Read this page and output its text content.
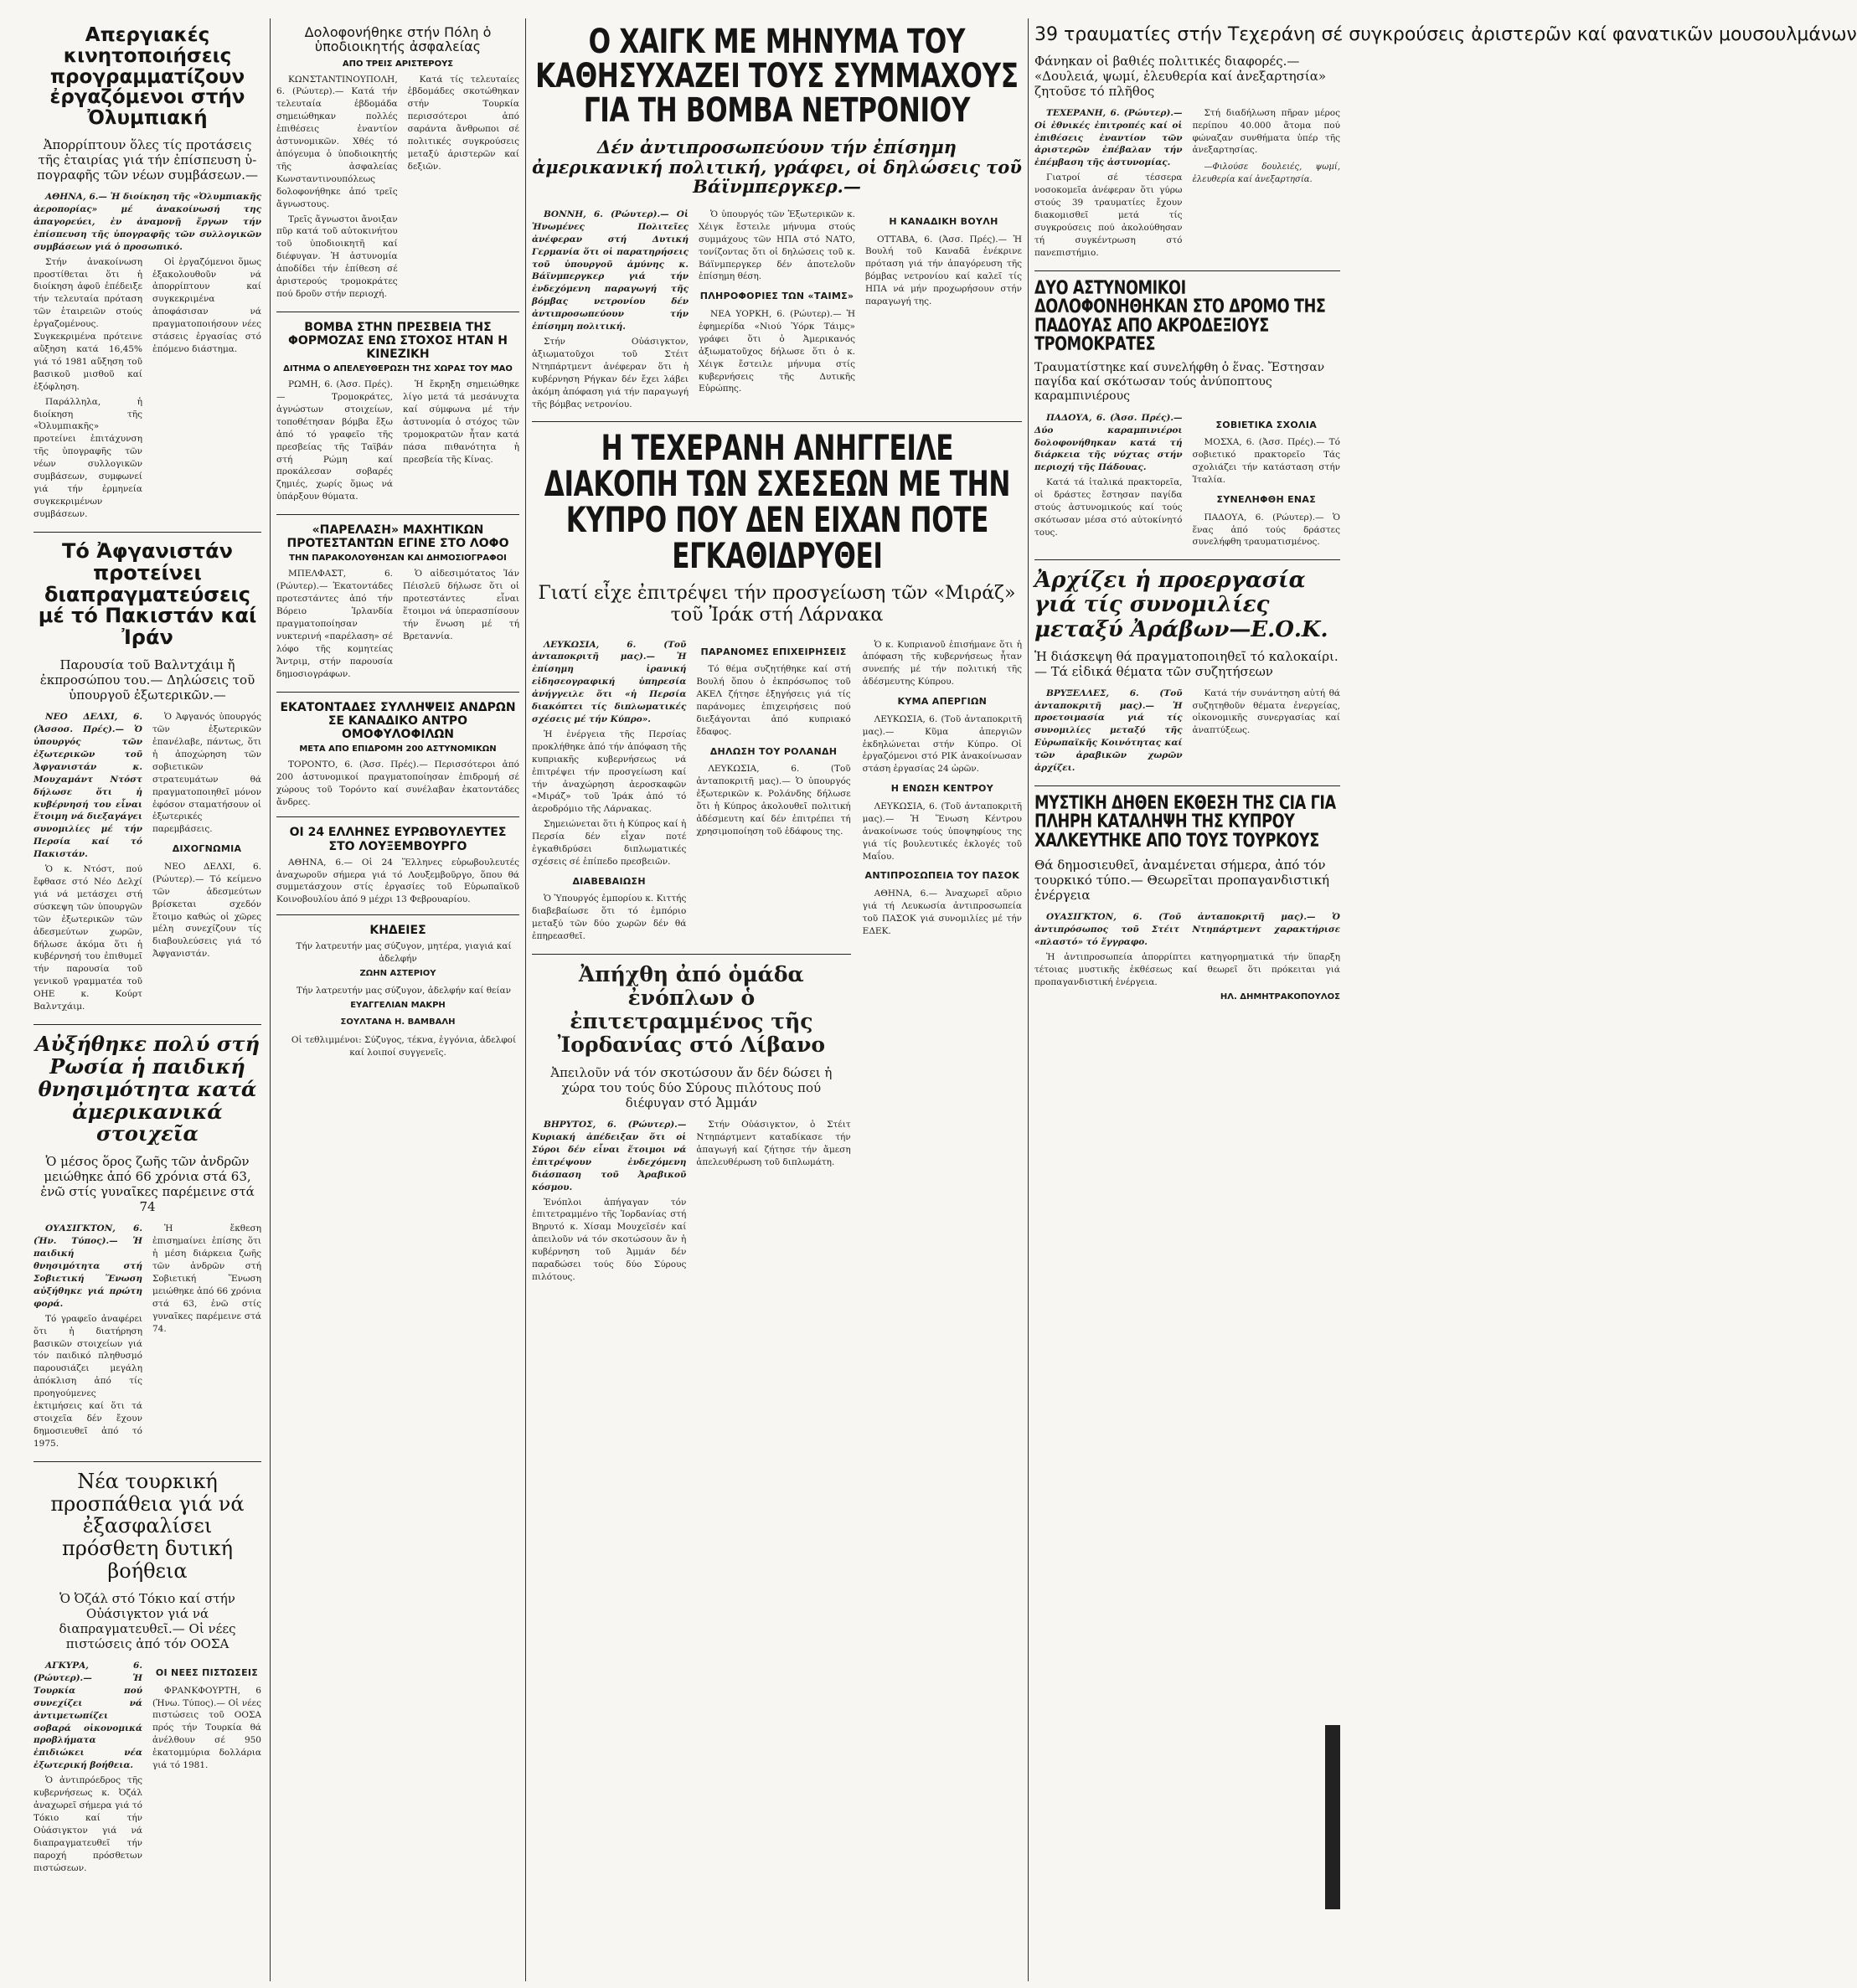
Απεργιακές κινητοποιήσεις προγραμματίζουν ἐργαζόμενοι στήν Ὀλυμπιακή
Ἀπορρίπτουν ὅλες τίς προτάσεις τῆς ἑταιρίας γιά τήν ἐπίσπευση ὑ-πογραφῆς τῶν νέων συμβάσεων.—

ΑΘΗΝΑ, 6.— Ἡ διοίκηση τῆς «Ὀλυμπιακῆς ἀεροπορίας» μέ ἀνακοίνωσή της ἀπαγορεύει, ἐν ἀναμονῇ ἔργων τήν ἐπίσπευση τῆς ὑπογραφῆς τῶν συλλογικῶν συμβάσεων γιά ὁ προσωπικό.

Στήν ἀνακοίνωση προστίθεται ὅτι ἡ διοίκηση ἀφοῦ ἐπέδειξε τήν τελευταία πρόταση τῶν ἑταιρειῶν στούς ἐργαζομένους. Συγκεκριμένα πρότεινε αὔξηση κατά 16,45% γιά τό 1981 αὔξηση τοῦ βασικοῦ μισθοῦ καί ἐξόφληση.

Παράλληλα, ἡ διοίκηση τῆς «Ὀλυμπιακῆς» προτείνει ἐπιτάχυνση τῆς ὑπογραφῆς τῶν νέων συλλογικῶν συμβάσεων, συμφωνεί γιά τήν ἐρμηνεία συγκεκριμένων συμβάσεων.

Οἱ ἐργαζόμενοι ὅμως ἐξακολουθοῦν νά ἀπορρίπτουν καί συγκεκριμένα ἀποφάσισαν νά πραγματοποιήσουν νέες στάσεις ἐργασίας στό ἑπόμενο διάστημα.

Τό Ἀφγανιστάν προτείνει διαπραγματεύσεις μέ τό Πακιστάν καί Ἰράν
Παρουσία τοῦ Βαλντχάιμ ἤ ἐκπροσώπου του.— Δηλώσεις τοῦ ὑπουργοῦ ἐξωτερικῶν.—

ΝΕΟ ΔΕΛΧΙ, 6. (Ἀσσοσ. Πρές).— Ὁ ὑπουργός τῶν ἐξωτερικῶν τοῦ Ἀφγανιστάν κ. Μουχαμάντ Ντόστ δήλωσε ὅτι ἡ κυβέρνησή του εἶναι ἕτοιμη νά διεξαγάγει συνομιλίες μέ τήν Περσία καί τό Πακιστάν.

Ὁ κ. Ντόστ, πού ἔφθασε στό Νέο Δελχί γιά νά μετάσχει στή σύσκεψη τῶν ὑπουργῶν τῶν ἐξωτερικῶν τῶν ἀδεσμεύτων χωρῶν, δήλωσε ἀκόμα ὅτι ἡ κυβέρνησή του ἐπιθυμεῖ τήν παρουσία τοῦ γενικοῦ γραμματέα τοῦ ΟΗΕ κ. Κούρτ Βαλντχάιμ.

Ὁ Ἀφγανός ὑπουργός τῶν ἐξωτερικῶν ἐπανέλαβε, πάντως, ὅτι ἡ ἀποχώρηση τῶν σοβιετικῶν στρατευμάτων θά πραγματοποιηθεῖ μόνον ἐφόσον σταματήσουν οἱ ἐξωτερικές παρεμβάσεις.

ΔΙΧΟΓΝΩΜΙΑ

ΝΕΟ ΔΕΛΧΙ, 6. (Ρώυτερ).— Τό κείμενο τῶν ἀδεσμεύτων βρίσκεται σχεδόν ἕτοιμο καθώς οἱ χῶρες μέλη συνεχίζουν τίς διαβουλεύσεις γιά τό Ἀφγανιστάν.

Αὐξήθηκε πολύ στή Ρωσία ἡ παιδική θνησιμότητα κατά ἀμερικανικά στοιχεῖα
Ὁ μέσος ὅρος ζωῆς τῶν ἀνδρῶν μειώθηκε ἀπό 66 χρόνια στά 63, ἐνῶ στίς γυναῖκες παρέμεινε στά 74

ΟΥΑΣΙΓΚΤΟΝ, 6. (Ἡν. Τύπος).— Ἡ παιδική θνησιμότητα στή Σοβιετική Ἕνωση αὐξήθηκε γιά πρώτη φορά.

Τό γραφεῖο ἀναφέρει ὅτι ἡ διατήρηση βασικῶν στοιχείων γιά τόν παιδικό πληθυσμό παρουσιάζει μεγάλη ἀπόκλιση ἀπό τίς προηγούμενες ἐκτιμήσεις καί ὅτι τά στοιχεῖα δέν ἔχουν δημοσιευθεῖ ἀπό τό 1975.

Ἡ ἔκθεση ἐπισημαίνει ἐπίσης ὅτι ἡ μέση διάρκεια ζωῆς τῶν ἀνδρῶν στή Σοβιετική Ἕνωση μειώθηκε ἀπό 66 χρόνια στά 63, ἐνῶ στίς γυναῖκες παρέμεινε στά 74.

Νέα τουρκική προσπάθεια γιά νά ἐξασφαλίσει πρόσθετη δυτική βοήθεια
Ὁ Ὀζάλ στό Τόκιο καί στήν Οὐάσιγκτον γιά νά διαπραγματευθεῖ.— Οἱ νέες πιστώσεις ἀπό τόν ΟΟΣΑ

ΑΓΚΥΡΑ, 6. (Ρώυτερ).— Ἡ Τουρκία πού συνεχίζει νά ἀντιμετωπίζει σοβαρά οἰκονομικά προβλήματα ἐπιδιώκει νέα ἐξωτερική βοήθεια.

Ὁ ἀντιπρόεδρος τῆς κυβερνήσεως κ. Ὀζάλ ἀναχωρεῖ σήμερα γιά τό Τόκιο καί τήν Οὐάσιγκτον γιά νά διαπραγματευθεῖ τήν παροχή πρόσθετων πιστώσεων.

ΟΙ ΝΕΕΣ ΠΙΣΤΩΣΕΙΣ

ΦΡΑΝΚΦΟΥΡΤΗ, 6 (Ἡνω. Τύπος).— Οἱ νέες πιστώσεις τοῦ ΟΟΣΑ πρός τήν Τουρκία θά ἀνέλθουν σέ 950 ἑκατομμύρια δολλάρια γιά τό 1981.

Δολοφονήθηκε στήν Πόλη ὁ ὑποδιοικητής ἀσφαλείας
ΑΠΟ ΤΡΕΙΣ ΑΡΙΣΤΕΡΟΥΣ

ΚΩΝΣΤΑΝΤΙΝΟΥΠΟΛΗ, 6. (Ρώυτερ).— Κατά τήν τελευταία ἐβδομάδα σημειώθηκαν πολλές ἐπιθέσεις ἐναντίον ἀστυνομικῶν. Χθές τό ἀπόγευμα ὁ ὑποδιοικητής τῆς ἀσφαλείας Κωνσταντινουπόλεως δολοφονήθηκε ἀπό τρεῖς ἄγνωστους.

Τρεῖς ἄγνωστοι ἄνοιξαν πῦρ κατά τοῦ αὐτοκινήτου τοῦ ὑποδιοικητῆ καί διέφυγαν. Ἡ ἀστυνομία ἀποδίδει τήν ἐπίθεση σέ ἀριστερούς τρομοκράτες πού δροῦν στήν περιοχή.

Κατά τίς τελευταίες ἑβδομάδες σκοτώθηκαν στήν Τουρκία περισσότεροι ἀπό σαράντα ἄνθρωποι σέ πολιτικές συγκρούσεις μεταξύ ἀριστερῶν καί δεξιῶν.

ΒΟΜΒΑ ΣΤΗΝ ΠΡΕΣΒΕΙΑ ΤΗΣ ΦΟΡΜΟΖΑΣ ΕΝΩ ΣΤΟΧΟΣ ΗΤΑΝ Η ΚΙΝΕΖΙΚΗ
ΔΙΤΗΜΑ Ο ΑΠΕΛΕΥΘΕΡΩΣΗ ΤΗΣ ΧΩΡΑΣ ΤΟΥ ΜΑΟ

ΡΩΜΗ, 6. (Ἀσσ. Πρές).— Τρομοκράτες, ἀγνώστων στοιχείων, τοποθέτησαν βόμβα ἔξω ἀπό τό γραφεῖο τῆς πρεσβείας τῆς Ταϊβάν στή Ρώμη καί προκάλεσαν σοβαρές ζημιές, χωρίς ὅμως νά ὑπάρξουν θύματα.

Ἡ ἔκρηξη σημειώθηκε λίγο μετά τά μεσάνυχτα καί σύμφωνα μέ τήν ἀστυνομία ὁ στόχος τῶν τρομοκρατῶν ἦταν κατά πάσα πιθανότητα ἡ πρεσβεία τῆς Κίνας.

«ΠΑΡΕΛΑΣΗ» ΜΑΧΗΤΙΚΩΝ ΠΡΟΤΕΣΤΑΝΤΩΝ ΕΓΙΝΕ ΣΤΟ ΛΟΦΟ
ΤΗΝ ΠΑΡΑΚΟΛΟΥΘΗΣΑΝ ΚΑΙ ΔΗΜΟΣΙΟΓΡΑΦΟΙ

ΜΠΕΛΦΑΣΤ, 6. (Ρώυτερ).— Ἑκατοντάδες προτεστάντες ἀπό τήν Βόρειο Ἰρλανδία πραγματοποίησαν νυκτερινή «παρέλαση» σέ λόφο τῆς κομητείας Ἄντριμ, στήν παρουσία δημοσιογράφων.

Ὁ αἰδεσιμότατος Ἰάν Πέισλεϋ δήλωσε ὅτι οἱ προτεστάντες εἶναι ἕτοιμοι νά ὑπερασπίσουν τήν ἕνωση μέ τή Βρεταννία.

ΕΚΑΤΟΝΤΑΔΕΣ ΣΥΛΛΗΨΕΙΣ ΑΝΔΡΩΝ ΣΕ ΚΑΝΑΔΙΚΟ ΑΝΤΡΟ ΟΜΟΦΥΛΟΦΙΛΩΝ
ΜΕΤΑ ΑΠΟ ΕΠΙΔΡΟΜΗ 200 ΑΣΤΥΝΟΜΙΚΩΝ

ΤΟΡΟΝΤΟ, 6. (Ἀσσ. Πρές).— Περισσότεροι ἀπό 200 ἀστυνομικοί πραγματοποίησαν ἐπιδρομή σέ χώρους τοῦ Τορόντο καί συνέλαβαν ἑκατοντάδες ἄνδρες.

ΟΙ 24 ΕΛΛΗΝΕΣ ΕΥΡΩΒΟΥΛΕΥΤΕΣ ΣΤΟ ΛΟΥΞΕΜΒΟΥΡΓΟ

ΑΘΗΝΑ, 6.— Οἱ 24 Ἕλληνες εὐρωβουλευτές ἀναχωροῦν σήμερα γιά τό Λουξεμβοῦργο, ὅπου θά συμμετάσχουν στίς ἐργασίες τοῦ Εὐρωπαϊκοῦ Κοινοβουλίου ἀπό 9 μέχρι 13 Φεβρουαρίου.

ΚΗΔΕΙΕΣ

Τήν λατρευτήν μας σύζυγον, μητέρα, γιαγιά καί ἀδελφήν

ΖΩΗΝ ΑΣΤΕΡΙΟΥ

Τήν λατρευτήν μας σύζυγον, ἀδελφήν καί θείαν

ΕΥΑΓΓΕΛΙΑΝ ΜΑΚΡΗ
ΣΟΥΛΤΑΝΑ Η. ΒΑΜΒΑΛΗ

Οἱ τεθλιμμένοι: Σύζυγος, τέκνα, ἐγγόνια, ἀδελφοί καί λοιποί συγγενεῖς.

Ο ΧΑΙΓΚ ΜΕ ΜΗΝΥΜΑ ΤΟΥ ΚΑΘΗΣΥΧΑΖΕΙ ΤΟΥΣ ΣΥΜΜΑΧΟΥΣ ΓΙΑ ΤΗ ΒΟΜΒΑ ΝΕΤΡΟΝΙΟΥ
Δέν ἀντιπροσωπεύουν τήν ἐπίσημη ἀμερικανική πολιτική, γράφει, οἱ δηλώσεις τοῦ Βάϊνμπεργκερ.—

ΒΟΝΝΗ, 6. (Ρώυτερ).— Οἱ Ἡνωμένες Πολιτεῖες ἀνέφεραν στή Δυτική Γερμανία ὅτι οἱ παρατηρήσεις τοῦ ὑπουργοῦ ἀμύνης κ. Βάϊνμπεργκερ γιά τήν ἐνδεχόμενη παραγωγή τῆς βόμβας νετρονίου δέν ἀντιπροσωπεύουν τήν ἐπίσημη πολιτική.

Στήν Οὐάσιγκτον, ἀξιωματοῦχοι τοῦ Στέιτ Ντηπάρτμεντ ἀνέφεραν ὅτι ἡ κυβέρνηση Ρήγκαν δέν ἔχει λάβει ἀκόμη ἀπόφαση γιά τήν παραγωγή τῆς βόμβας νετρονίου.

Ὁ ὑπουργός τῶν Ἐξωτερικῶν κ. Χέιγκ ἔστειλε μήνυμα στούς συμμάχους τῶν ΗΠΑ στό ΝΑΤΟ, τονίζοντας ὅτι οἱ δηλώσεις τοῦ κ. Βάϊνμπεργκερ δέν ἀποτελοῦν ἐπίσημη θέση.

ΠΛΗΡΟΦΟΡΙΕΣ ΤΩΝ «ΤΑΙΜΣ»

ΝΕΑ ΥΟΡΚΗ, 6. (Ρώυτερ).— Ἡ ἐφημερίδα «Νιού Ὑόρκ Τάιμς» γράφει ὅτι ὁ Ἀμερικανός ἀξιωματοῦχος δήλωσε ὅτι ὁ κ. Χέιγκ ἔστειλε μήνυμα στίς κυβερνήσεις τῆς Δυτικῆς Εὐρώπης.

Η ΚΑΝΑΔΙΚΗ ΒΟΥΛΗ

ΟΤΤΑΒΑ, 6. (Ἀσσ. Πρές).— Ἡ Βουλή τοῦ Καναδᾶ ἐνέκρινε πρόταση γιά τήν ἀπαγόρευση τῆς βόμβας νετρονίου καί καλεῖ τίς ΗΠΑ νά μήν προχωρήσουν στήν παραγωγή της.

Η ΤΕΧΕΡΑΝΗ ΑΝΗΓΓΕΙΛΕ ΔΙΑΚΟΠΗ ΤΩΝ ΣΧΕΣΕΩΝ ΜΕ ΤΗΝ ΚΥΠΡΟ ΠΟΥ ΔΕΝ ΕΙΧΑΝ ΠΟΤΕ ΕΓΚΑΘΙΔΡΥΘΕΙ
Γιατί εἶχε ἐπιτρέψει τήν προσγείωση τῶν «Μιράζ» τοῦ Ἰράκ στή Λάρνακα

ΛΕΥΚΩΣΙΑ, 6. (Τοῦ ἀνταποκριτῆ μας).— Ἡ ἐπίσημη ἰρανική εἰδησεογραφική ὑπηρεσία ἀνήγγειλε ὅτι «ἡ Περσία διακόπτει τίς διπλωματικές σχέσεις μέ τήν Κύπρο».

Ἡ ἐνέργεια τῆς Περσίας προκλήθηκε ἀπό τήν ἀπόφαση τῆς κυπριακῆς κυβερνήσεως νά ἐπιτρέψει τήν προσγείωση καί τήν ἀναχώρηση ἀεροσκαφῶν «Μιράζ» τοῦ Ἰράκ ἀπό τό ἀεροδρόμιο τῆς Λάρνακας.

Σημειώνεται ὅτι ἡ Κύπρος καί ἡ Περσία δέν εἶχαν ποτέ ἐγκαθιδρύσει διπλωματικές σχέσεις σέ ἐπίπεδο πρεσβειῶν.

ΔΙΑΒΕΒΑΙΩΣΗ

Ὁ Ὑπουργός ἐμπορίου κ. Κιττής διαβεβαίωσε ὅτι τό ἐμπόριο μεταξύ τῶν δύο χωρῶν δέν θά ἐπηρεασθεῖ.

ΠΑΡΑΝΟΜΕΣ ΕΠΙΧΕΙΡΗΣΕΙΣ

Τό θέμα συζητήθηκε καί στή Βουλή ὅπου ὁ ἐκπρόσωπος τοῦ ΑΚΕΛ ζήτησε ἐξηγήσεις γιά τίς παράνομες ἐπιχειρήσεις πού διεξάγονται ἀπό κυπριακό ἔδαφος.

ΔΗΛΩΣΗ ΤΟΥ ΡΟΛΑΝΔΗ

ΛΕΥΚΩΣΙΑ, 6. (Τοῦ ἀνταποκριτῆ μας).— Ὁ ὑπουργός ἐξωτερικῶν κ. Ρολάνδης δήλωσε ὅτι ἡ Κύπρος ἀκολουθεῖ πολιτική ἀδέσμευτη καί δέν ἐπιτρέπει τή χρησιμοποίηση τοῦ ἐδάφους της.

Ἀπήχθη ἀπό ὁμάδα ἐνόπλων ὁ ἐπιτετραμμένος τῆς Ἰορδανίας στό Λίβανο
Ἀπειλοῦν νά τόν σκοτώσουν ἄν δέν δώσει ἡ χώρα του τούς δύο Σύρους πιλότους πού διέφυγαν στό Ἀμμάν

ΒΗΡΥΤΟΣ, 6. (Ρώυτερ).— Κυριακή ἀπέδειξαν ὅτι οἱ Σύροι δέν εἶναι ἕτοιμοι νά ἐπιτρέψουν ἐνδεχόμενη διάσπαση τοῦ Ἀραβικοῦ κόσμου.

Ἐνόπλοι ἀπήγαγαν τόν ἐπιτετραμμένο τῆς Ἰορδανίας στή Βηρυτό κ. Χίσαμ Μουχεϊσέν καί ἀπειλοῦν νά τόν σκοτώσουν ἄν ἡ κυβέρνηση τοῦ Ἀμμάν δέν παραδώσει τούς δύο Σύρους πιλότους.

Στήν Οὐάσιγκτον, ὁ Στέιτ Ντηπάρτμεντ καταδίκασε τήν ἀπαγωγή καί ζήτησε τήν ἄμεση ἀπελευθέρωση τοῦ διπλωμάτη.

Ὁ κ. Κυπριανοῦ ἐπισήμανε ὅτι ἡ ἀπόφαση τῆς κυβερνήσεως ἦταν συνεπής μέ τήν πολιτική τῆς ἀδέσμευτης Κύπρου.

ΚΥΜΑ ΑΠΕΡΓΙΩΝ

ΛΕΥΚΩΣΙΑ, 6. (Τοῦ ἀνταποκριτῆ μας).— Κῦμα ἀπεργιῶν ἐκδηλώνεται στήν Κύπρο. Οἱ ἐργαζόμενοι στό ΡΙΚ ἀνακοίνωσαν στάση ἐργασίας 24 ὡρῶν.

Η ΕΝΩΣΗ ΚΕΝΤΡΟΥ

ΛΕΥΚΩΣΙΑ, 6. (Τοῦ ἀνταποκριτῆ μας).— Ἡ Ἕνωση Κέντρου ἀνακοίνωσε τούς ὑποψηφίους της γιά τίς βουλευτικές ἐκλογές τοῦ Μαΐου.

ΑΝΤΙΠΡΟΣΩΠΕΙΑ ΤΟΥ ΠΑΣΟΚ

ΑΘΗΝΑ, 6.— Ἀναχωρεῖ αὔριο γιά τή Λευκωσία ἀντιπροσωπεία τοῦ ΠΑΣΟΚ γιά συνομιλίες μέ τήν ΕΔΕΚ.

39 τραυματίες στήν Τεχεράνη σέ συγκρούσεις ἀριστερῶν καί φανατικῶν μουσουλμάνων
Φάνηκαν οἱ βαθιές πολιτικές διαφορές.— «Δουλειά, ψωμί, ἐλευθερία καί ἀνεξαρτησία» ζητοῦσε τό πλῆθος

ΤΕΧΕΡΑΝΗ, 6. (Ρώυτερ).— Οἱ ἐθνικές ἐπιτροπές καί οἱ ἐπιθέσεις ἐναντίον τῶν ἀριστερῶν ἐπέβαλαν τήν ἐπέμβαση τῆς ἀστυνομίας.

Γιατροί σέ τέσσερα νοσοκομεῖα ἀνέφεραν ὅτι γύρω στούς 39 τραυματίες ἔχουν διακομισθεῖ μετά τίς συγκρούσεις πού ἀκολούθησαν τή συγκέντρωση στό πανεπιστήμιο.

Στή διαδήλωση πῆραν μέρος περίπου 40.000 ἄτομα πού φώναζαν συνθήματα ὑπέρ τῆς ἀνεξαρτησίας.

—Φιλούσε δουλειές, ψωμί, ἐλευθερία καί ἀνεξαρτησία.

ΔΥΟ ΑΣΤΥΝΟΜΙΚΟΙ ΔΟΛΟΦΟΝΗΘΗΚΑΝ ΣΤΟ ΔΡΟΜΟ ΤΗΣ ΠΑΔΟΥΑΣ ΑΠΟ ΑΚΡΟΔΕΞΙΟΥΣ ΤΡΟΜΟΚΡΑΤΕΣ
Τραυματίστηκε καί συνελήφθη ὁ ἕνας. Ἔστησαν παγίδα καί σκότωσαν τούς ἀνύποπτους καραμπινιέρους

ΠΑΔΟΥΑ, 6. (Ἀσσ. Πρές).— Δύο καραμπινιέροι δολοφονήθηκαν κατά τή διάρκεια τῆς νύχτας στήν περιοχή τῆς Πάδουας.

Κατά τά ἰταλικά πρακτορεῖα, οἱ δράστες ἔστησαν παγίδα στούς ἀστυνομικούς καί τούς σκότωσαν μέσα στό αὐτοκίνητό τους.

ΣΟΒΙΕΤΙΚΑ ΣΧΟΛΙΑ

ΜΟΣΧΑ, 6. (Ἀσσ. Πρές).— Τό σοβιετικό πρακτορεῖο Τάς σχολιάζει τήν κατάσταση στήν Ἰταλία.

ΣΥΝΕΛΗΦΘΗ ΕΝΑΣ

ΠΑΔΟΥΑ, 6. (Ρώυτερ).— Ὁ ἕνας ἀπό τούς δράστες συνελήφθη τραυματισμένος.

Ἀρχίζει ἡ προεργασία γιά τίς συνομιλίες μεταξύ Ἀράβων—Ε.Ο.Κ.
Ἡ διάσκεψη θά πραγματοποιηθεῖ τό καλοκαίρι.— Τά εἰδικά θέματα τῶν συζητήσεων

ΒΡΥΞΕΛΛΕΣ, 6. (Τοῦ ἀνταποκριτῆ μας).— Ἡ προετοιμασία γιά τίς συνομιλίες μεταξύ τῆς Εὐρωπαϊκῆς Κοινότητας καί τῶν ἀραβικῶν χωρῶν ἀρχίζει.

Κατά τήν συνάντηση αὐτή θά συζητηθοῦν θέματα ἐνεργείας, οἰκονομικῆς συνεργασίας καί ἀναπτύξεως.

ΜΥΣΤΙΚΗ ΔΗΘΕΝ ΕΚΘΕΣΗ ΤΗΣ CIA ΓΙΑ ΠΛΗΡΗ ΚΑΤΑΛΗΨΗ ΤΗΣ ΚΥΠΡΟΥ ΧΑΛΚΕΥΤΗΚΕ ΑΠΟ ΤΟΥΣ ΤΟΥΡΚΟΥΣ
Θά δημοσιευθεῖ, ἀναμένεται σήμερα, ἀπό τόν τουρκικό τύπο.— Θεωρεῖται προπαγανδιστική ἐνέργεια

ΟΥΑΣΙΓΚΤΟΝ, 6. (Τοῦ ἀνταποκριτῆ μας).— Ὁ ἀντιπρόσωπος τοῦ Στέιτ Ντηπάρτμεντ χαρακτήρισε «πλαστό» τό ἔγγραφο.

Ἡ ἀντιπροσωπεία ἀπορρίπτει κατηγορηματικά τήν ὕπαρξη τέτοιας μυστικῆς ἐκθέσεως καί θεωρεῖ ὅτι πρόκειται γιά προπαγανδιστική ἐνέργεια.

ΗΛ. ΔΗΜΗΤΡΑΚΟΠΟΥΛΟΣ
